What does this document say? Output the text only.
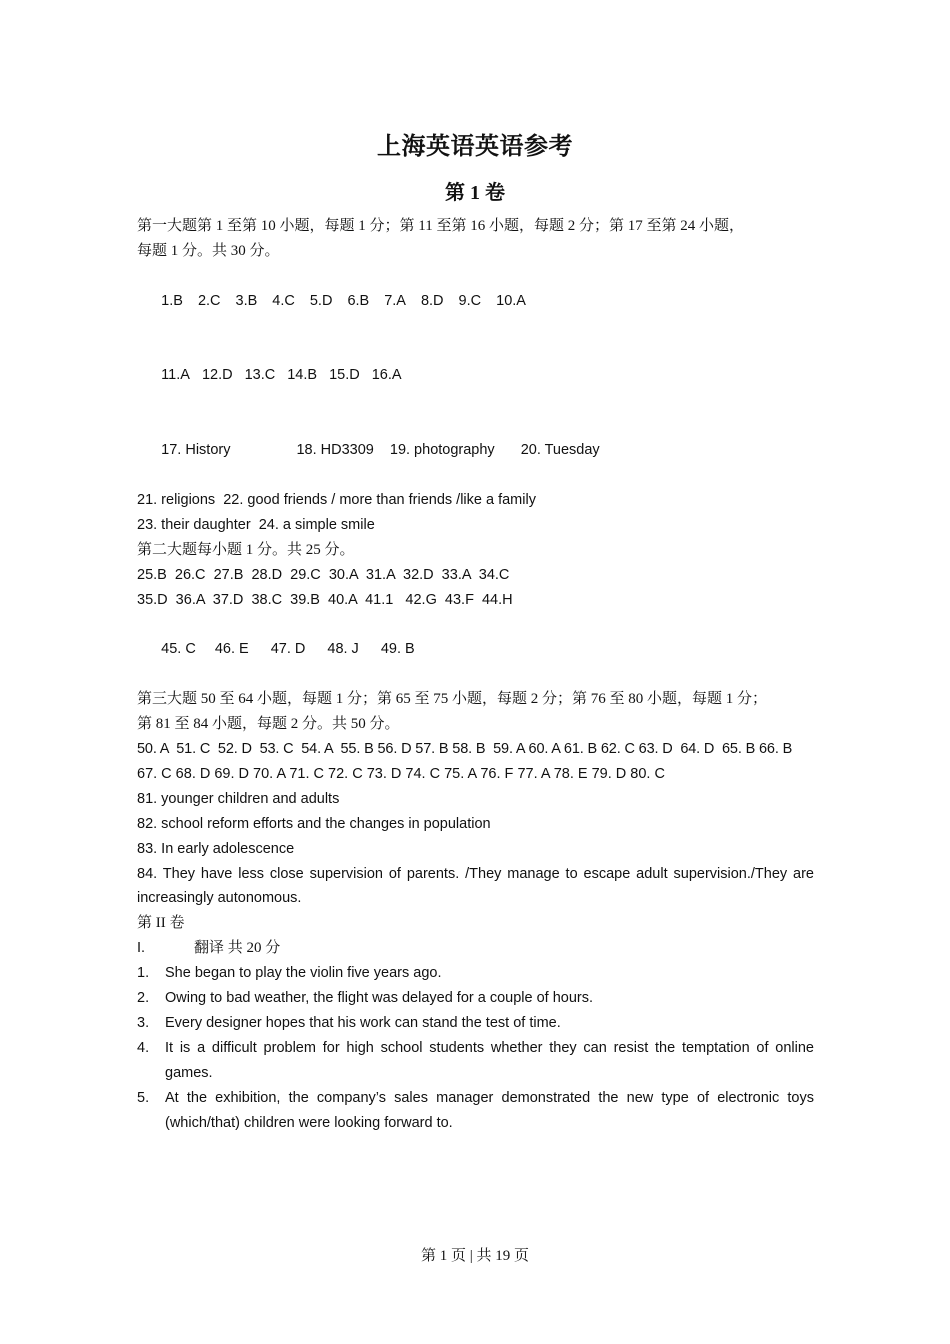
上海英语英语参考
第 1 卷

第一大题第 1 至第 10 小题，每题 1 分；第 11 至第 16 小题，每题 2 分；第 17 至第 24 小题，

每题 1 分。共 30 分。

1.B 2.C 3.B 4.C 5.D 6.B 7.A 8.D 9.C 10.A

11.A 12.D 13.C 14.B 15.D 16.A

17. History	18. HD3309 19. photography 20. Tuesday

21. religions  22. good friends / more than friends /like a family

23. their daughter  24. a simple smile

第二大题每小题 1 分。共 25 分。

25.B  26.C  27.B  28.D  29.C  30.A  31.A  32.D  33.A  34.C

35.D  36.A  37.D  38.C  39.B  40.A  41.1   42.G  43.F  44.H

45. C 46. E 47. D 48. J 49. B

第三大题 50 至 64 小题，每题 1 分；第 65 至 75 小题，每题 2 分；第 76 至 80 小题，每题 1 分；

第 81 至 84 小题，每题 2 分。共 50 分。

50. A  51. C  52. D  53. C  54. A  55. B 56. D 57. B 58. B  59. A 60. A 61. B 62. C 63. D  64. D  65. B 66. B

67. C 68. D 69. D 70. A 71. C 72. C 73. D 74. C 75. A 76. F 77. A 78. E 79. D 80. C

81. younger children and adults

82. school reform efforts and the changes in population

83. In early adolescence

84. They have less close supervision of parents. /They manage to escape adult supervision./They are increasingly autonomous.

第 II 卷

I.	翻译 共 20 分
1.	She began to play the violin five years ago.
2.	Owing to bad weather, the flight was delayed for a couple of hours.
3.	Every designer hopes that his work can stand the test of time.
4.	It is a difficult problem for high school students whether they can resist the temptation of online games.
5.	At the exhibition, the company’s sales manager demonstrated the new type of electronic toys (which/that) children were looking forward to.
第 1 页 | 共 19 页
